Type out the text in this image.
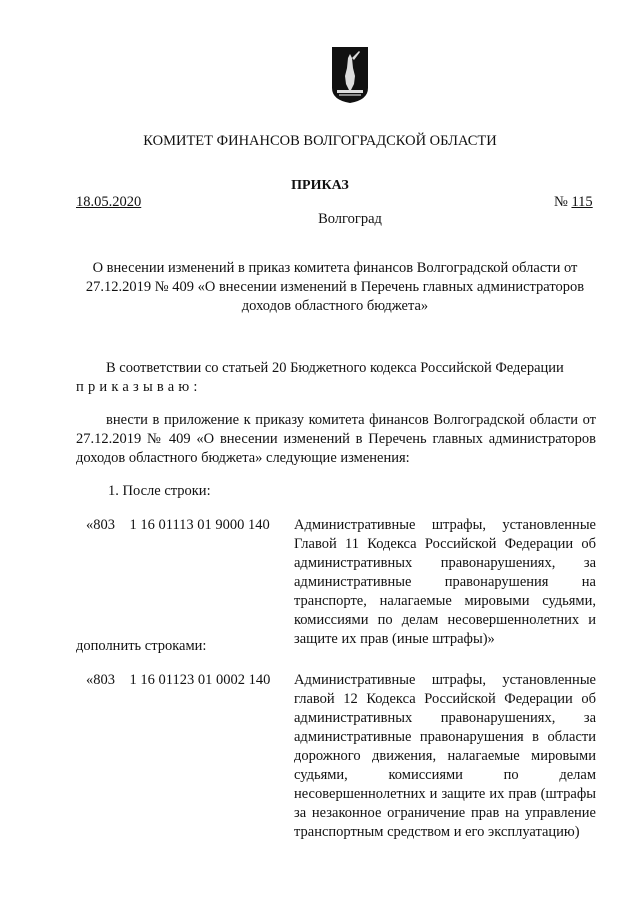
КОМИТЕТ ФИНАНСОВ ВОЛГОГРАДСКОЙ ОБЛАСТИ
ПРИКАЗ
18.05.2020	№ 115
Волгоград
О внесении изменений в приказ комитета финансов Волгоградской области от 27.12.2019 № 409 «О внесении изменений в Перечень главных администраторов доходов областного бюджета»
В соответствии со статьей 20 Бюджетного кодекса Российской Федерации
приказываю:
внести в приложение к приказу комитета финансов Волгоградской области от 27.12.2019 № 409 «О внесении изменений в Перечень главных администраторов доходов областного бюджета» следующие изменения:
1. После строки:
«803    1 16 01113 01 9000 140 Административные штрафы, установленные Главой 11 Кодекса Российской Федерации об административных правонарушениях, за административные правонарушения на транспорте, налагаемые мировыми судьями, комиссиями по делам несовершеннолетних и защите их прав (иные штрафы)»
дополнить строками:
«803    1 16 01123 01 0002 140 Административные штрафы, установленные главой 12 Кодекса Российской Федерации об административных правонарушениях, за административные правонарушения в области дорожного движения, налагаемые мировыми судьями, комиссиями по делам несовершеннолетних и защите их прав (штрафы за незаконное ограничение прав на управление транспортным средством и его эксплуатацию)
